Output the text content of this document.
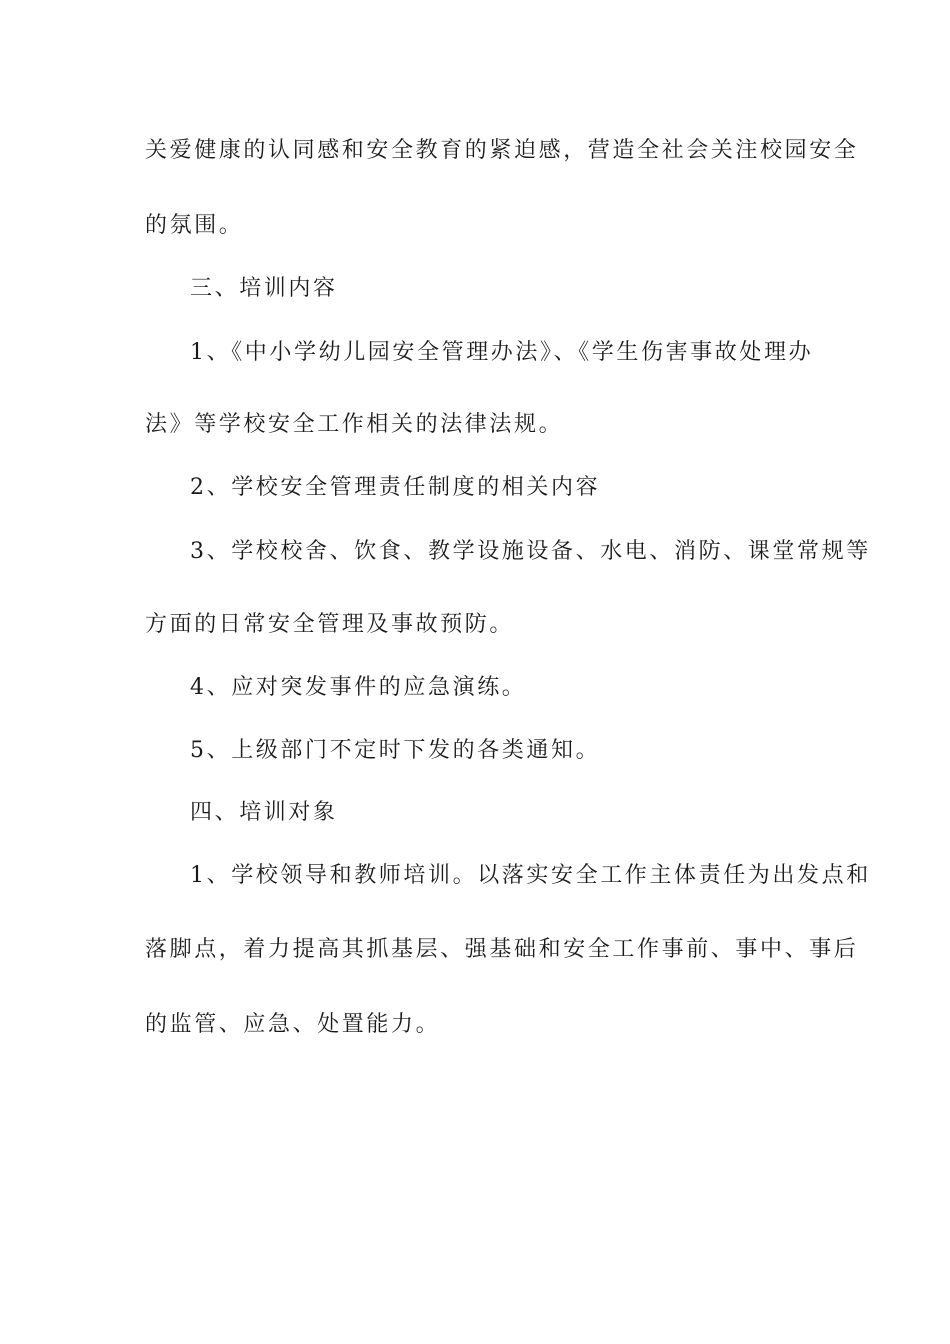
关爱健康的认同感和安全教育的紧迫感，营造全社会关注校园安全
的氛围。
三、培训内容
1、《中小学幼儿园安全管理办法》、《学生伤害事故处理办
法》等学校安全工作相关的法律法规。
2、学校安全管理责任制度的相关内容
3、学校校舍、饮食、教学设施设备、水电、消防、课堂常规等
方面的日常安全管理及事故预防。
4、应对突发事件的应急演练。
5、上级部门不定时下发的各类通知。
四、培训对象
1、学校领导和教师培训。以落实安全工作主体责任为出发点和
落脚点，着力提高其抓基层、强基础和安全工作事前、事中、事后
的监管、应急、处置能力。
